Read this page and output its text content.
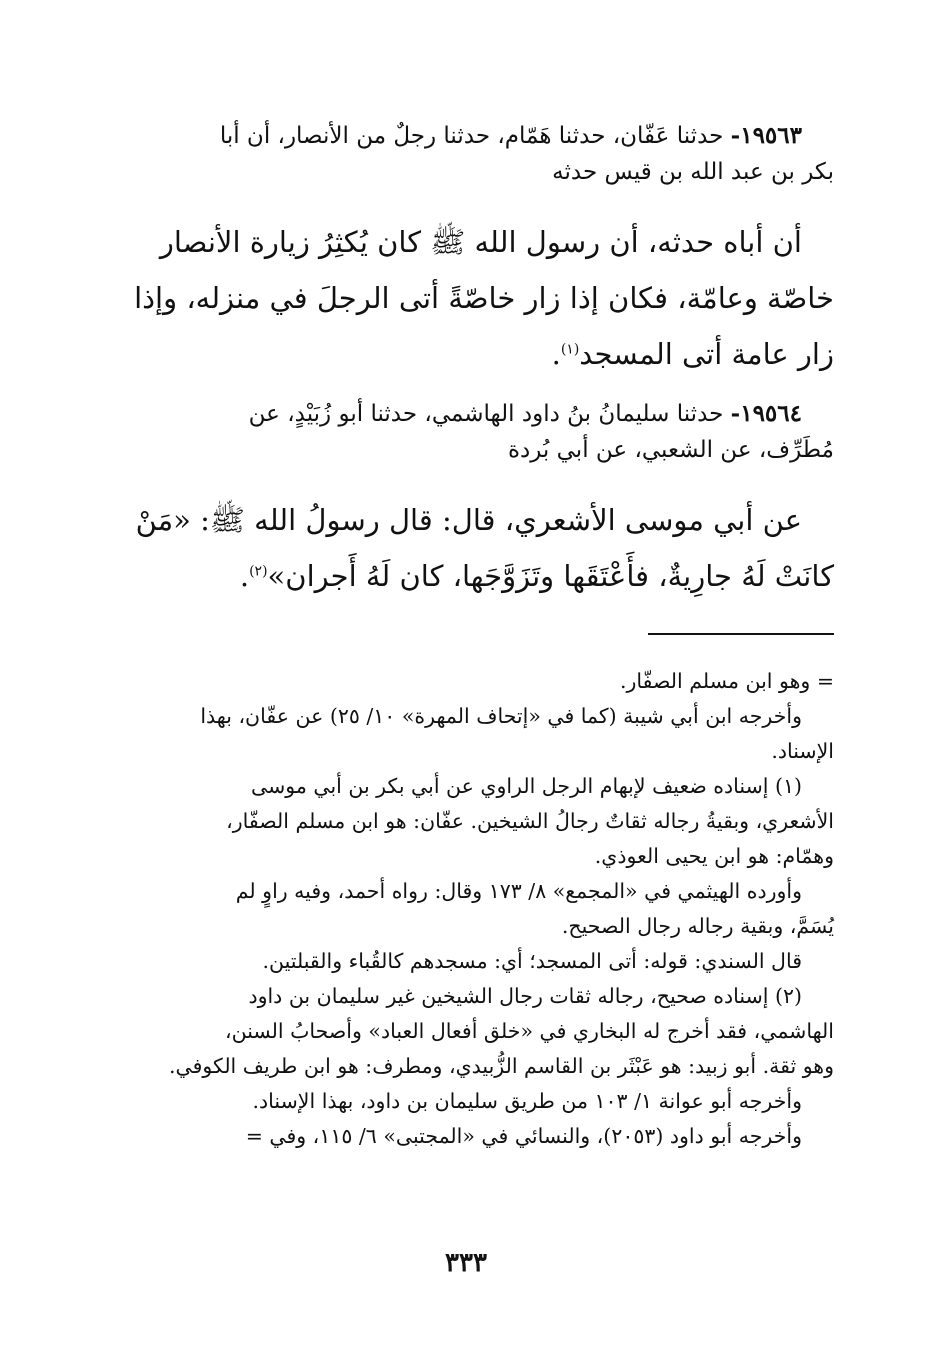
١٩٥٦٣- حدثنا عَفّان، حدثنا هَمّام، حدثنا رجلٌ من الأنصار، أن أبا
بكر بن عبد الله بن قيس حدثه
أن أباه حدثه، أن رسول الله ﷺ كان يُكثِرُ زيارة الأنصار
خاصّة وعامّة، فكان إذا زار خاصّةً أتى الرجلَ في منزله، وإذا
زار عامة أتى المسجد$^{(١)}$.
١٩٥٦٤- حدثنا سليمانُ بنُ داود الهاشمي، حدثنا أبو زُبَيْدٍ، عن
مُطَرِّف، عن الشعبي، عن أبي بُردة
عن أبي موسى الأشعري، قال: قال رسولُ الله ﷺ: «مَنْ
كانَتْ لَهُ جارِيةٌ، فأَعْتَقَها وتَزَوَّجَها، كان لَهُ أَجران»$^{(٢)}$.
= وهو ابن مسلم الصفّار.
وأخرجه ابن أبي شيبة (كما في «إتحاف المهرة» ١٠/ ٢٥) عن عفّان، بهذا
الإسناد.
(١) إسناده ضعيف لإبهام الرجل الراوي عن أبي بكر بن أبي موسى
الأشعري، وبقيةُ رجاله ثقاتٌ رجالُ الشيخين. عفّان: هو ابن مسلم الصفّار،
وهمّام: هو ابن يحيى العوذي.
وأورده الهيثمي في «المجمع» ٨/ ١٧٣ وقال: رواه أحمد، وفيه راوٍ لم
يُسَمَّ، وبقية رجاله رجال الصحيح.
قال السندي: قوله: أتى المسجد؛ أي: مسجدهم كالقُباء والقبلتين.
(٢) إسناده صحيح، رجاله ثقات رجال الشيخين غير سليمان بن داود
الهاشمي، فقد أخرج له البخاري في «خلق أفعال العباد» وأصحابُ السنن،
وهو ثقة. أبو زبيد: هو عَبْثَر بن القاسم الزُّبيدي، ومطرف: هو ابن طريف الكوفي.
وأخرجه أبو عوانة ١/ ١٠٣ من طريق سليمان بن داود، بهذا الإسناد.
وأخرجه أبو داود (٢٠٥٣)، والنسائي في «المجتبى» ٦/ ١١٥، وفي =
٣٣٣
